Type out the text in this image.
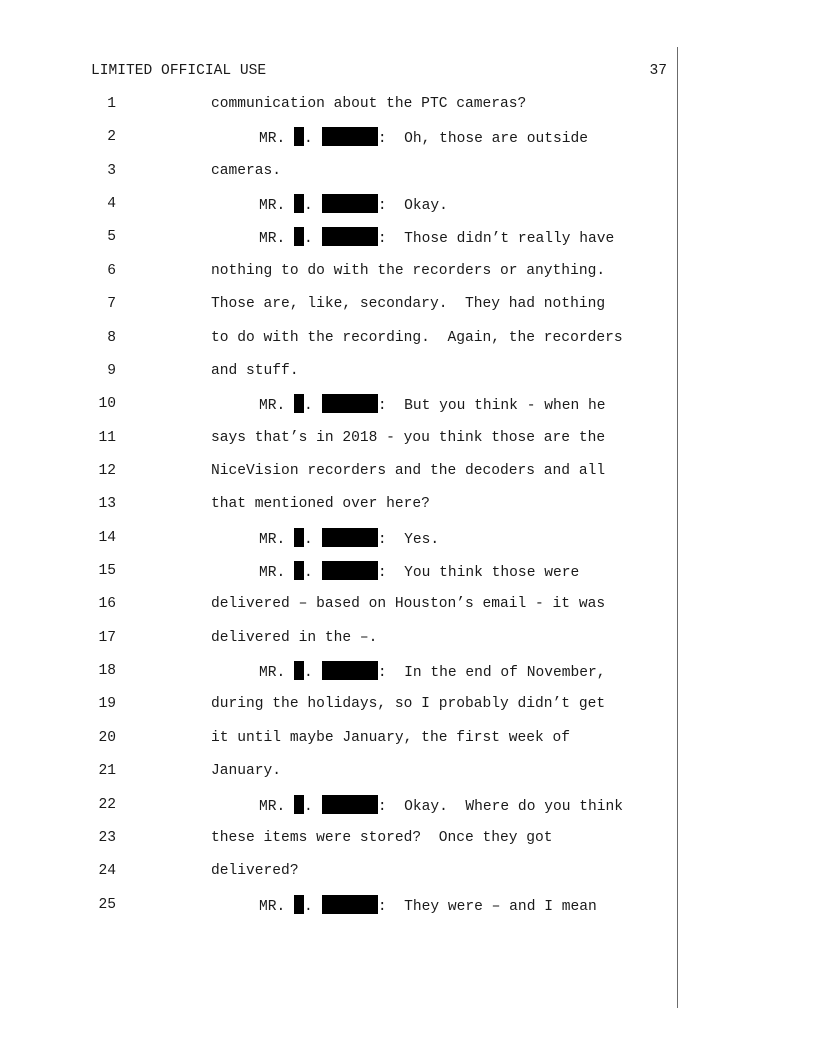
LIMITED OFFICIAL USE	37
1	communication about the PTC cameras?
2	MR. .	:  Oh, those are outside
3	cameras.
4	MR. .	:  Okay.
5	MR. .	:  Those didn’t really have
6	nothing to do with the recorders or anything.
7	Those are, like, secondary.  They had nothing
8	to do with the recording.  Again, the recorders
9	and stuff.
10	MR. .	:  But you think - when he
11	says that’s in 2018 - you think those are the
12	NiceVision recorders and the decoders and all
13	that mentioned over here?
14	MR. .	:  Yes.
15	MR. .	:  You think those were
16	delivered – based on Houston’s email - it was
17	delivered in the –.
18	MR. .	:  In the end of November,
19	during the holidays, so I probably didn’t get
20	it until maybe January, the first week of
21	January.
22	MR. .	:  Okay.  Where do you think
23	these items were stored?  Once they got
24	delivered?
25	MR. .	:  They were – and I mean
